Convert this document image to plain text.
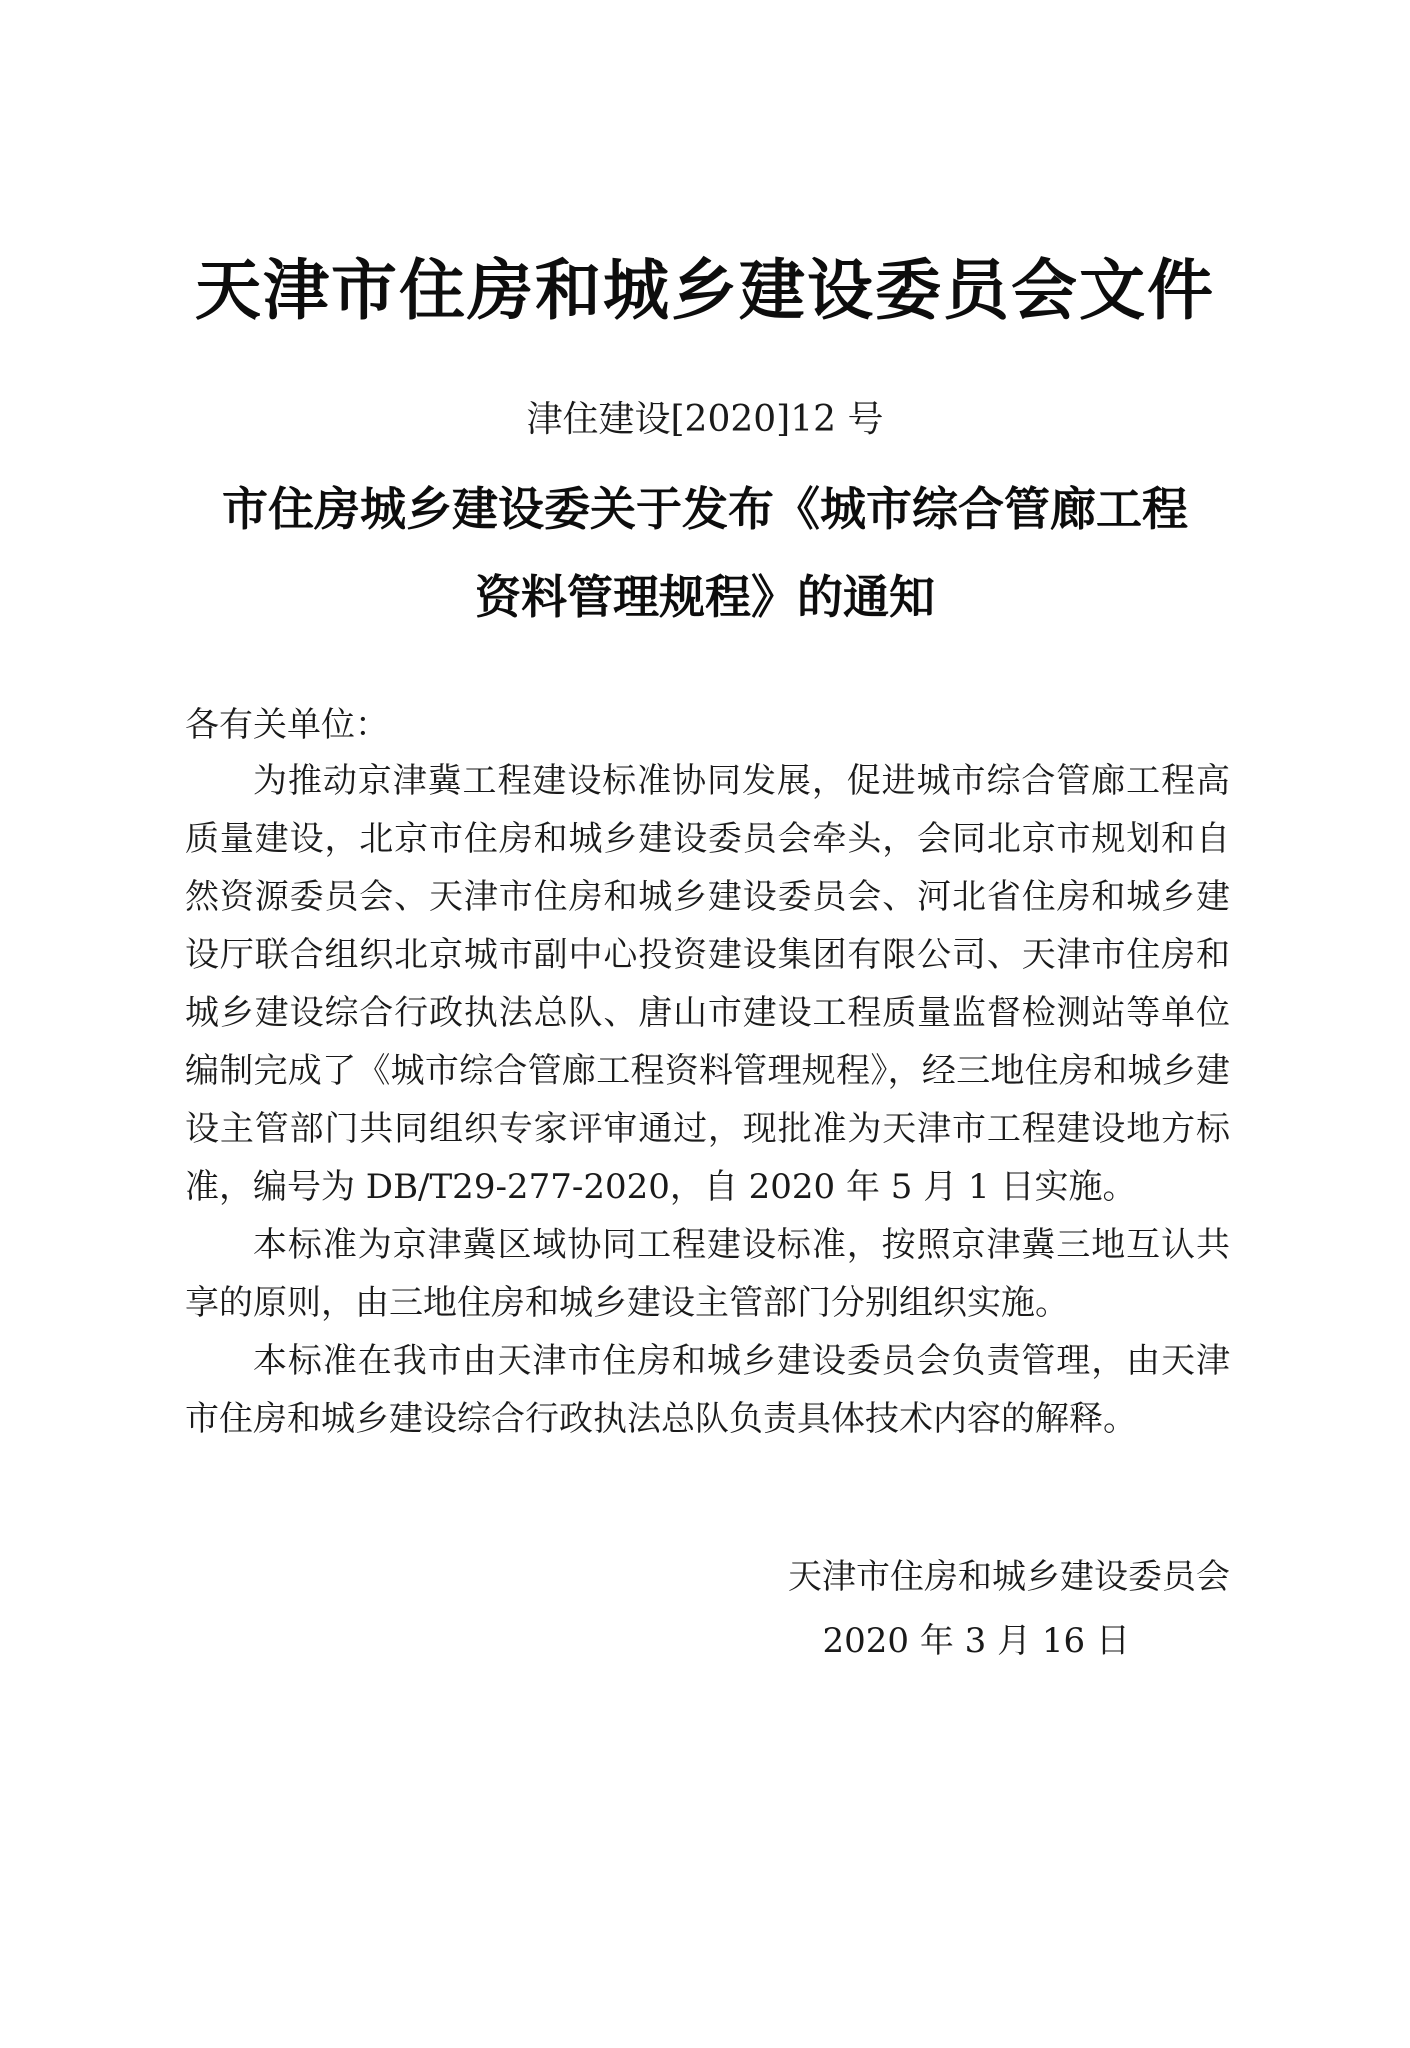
天津市住房和城乡建设委员会文件
津住建设[2020]12 号
市住房城乡建设委关于发布《城市综合管廊工程
资料管理规程》的通知
各有关单位：

为推动京津冀工程建设标准协同发展，促进城市综合管廊工程高质量建设，北京市住房和城乡建设委员会牵头，会同北京市规划和自然资源委员会、天津市住房和城乡建设委员会、河北省住房和城乡建设厅联合组织北京城市副中心投资建设集团有限公司、天津市住房和城乡建设综合行政执法总队、唐山市建设工程质量监督检测站等单位编制完成了《城市综合管廊工程资料管理规程》，经三地住房和城乡建设主管部门共同组织专家评审通过，现批准为天津市工程建设地方标准，编号为 DB/T29-277-2020，自 2020 年 5 月 1 日实施。

本标准为京津冀区域协同工程建设标准，按照京津冀三地互认共享的原则，由三地住房和城乡建设主管部门分别组织实施。

本标准在我市由天津市住房和城乡建设委员会负责管理，由天津市住房和城乡建设综合行政执法总队负责具体技术内容的解释。

天津市住房和城乡建设委员会
2020 年 3 月 16 日
